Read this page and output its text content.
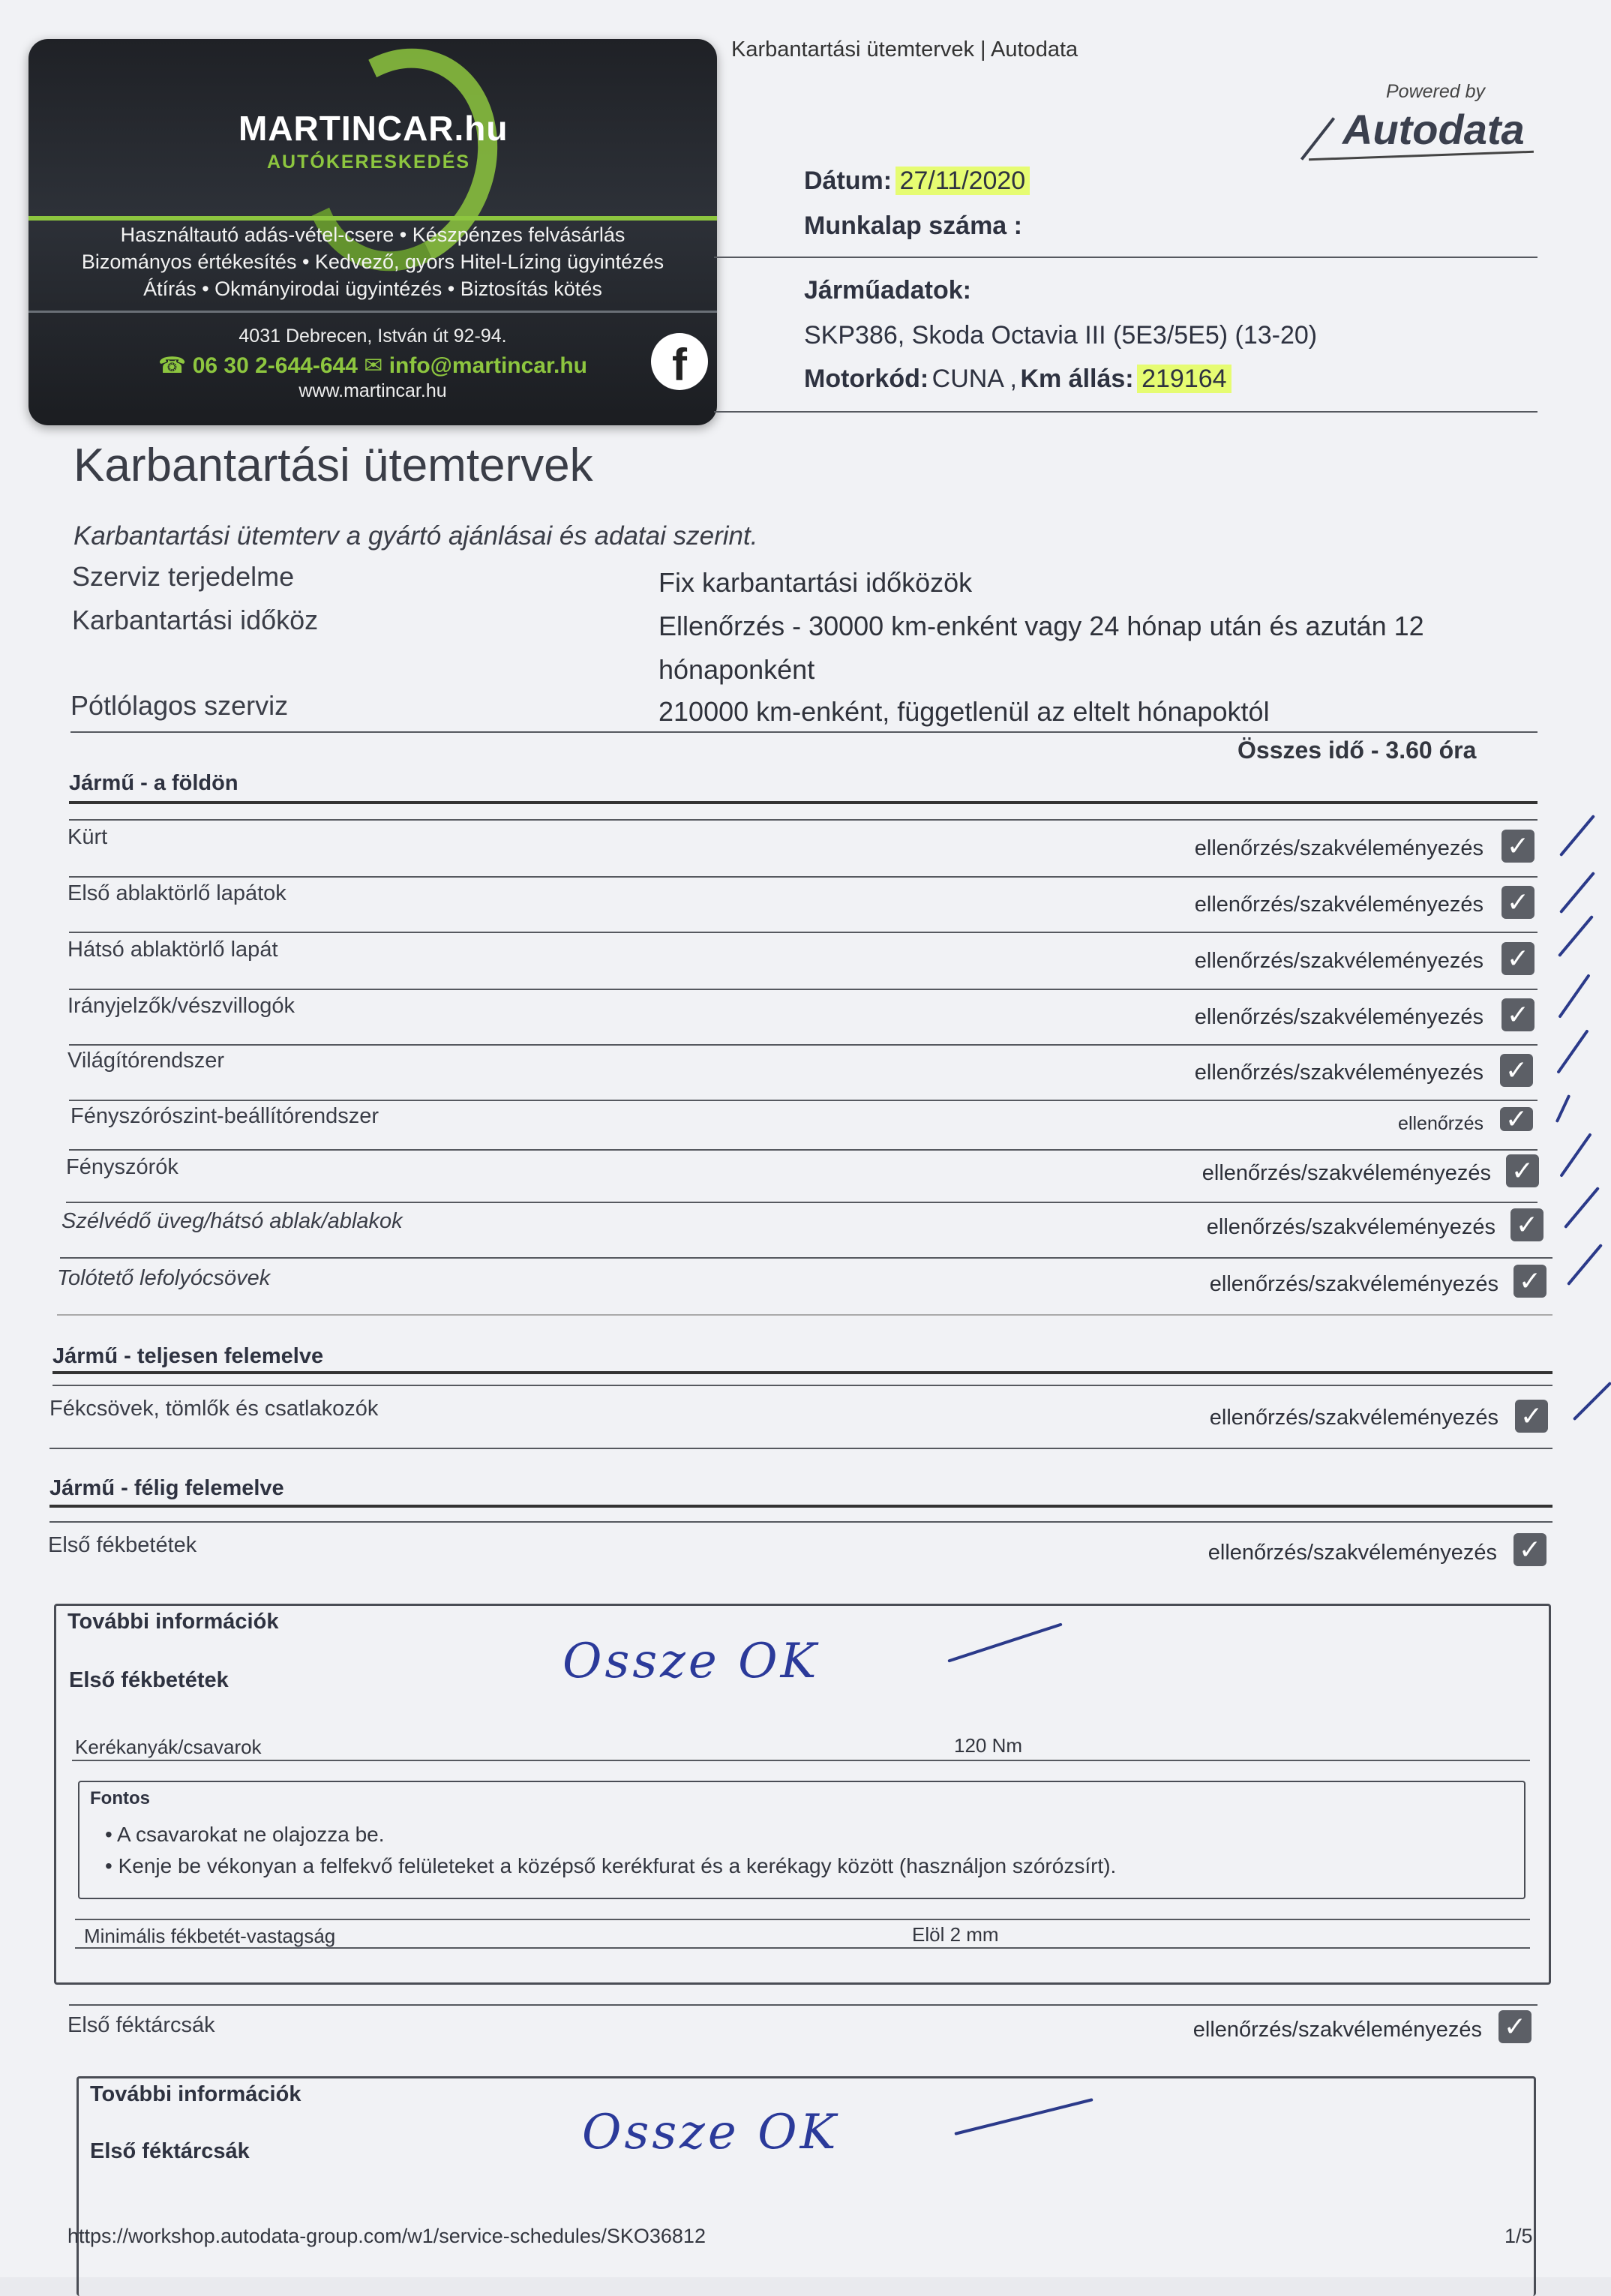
Karbantartási ütemtervek | Autodata
Powered by
Autodata
MARTINCAR.hu
AUTÓKERESKEDÉS
Használtautó adás-vétel-csere • Készpénzes felvásárlás
Bizományos értékesítés • Kedvező, gyors Hitel-Lízing ügyintézés
Átírás • Okmányirodai ügyintézés • Biztosítás kötés
4031 Debrecen, István út 92-94.
☎ 06 30 2-644-644 ✉ info@martincar.hu
www.martincar.hu
f
Dátum: 27/11/2020
Munkalap száma :
Járműadatok:
SKP386, Skoda Octavia III (5E3/5E5) (13-20)
Motorkód: CUNA , Km állás: 219164
Karbantartási ütemtervek
Karbantartási ütemterv a gyártó ajánlásai és adatai szerint.
Szerviz terjedelme	Fix karbantartási időközök
Karbantartási időköz	Ellenőrzés - 30000 km-enként vagy 24 hónap után és azután 12
hónaponként
Pótlólagos szerviz	210000 km-enként, függetlenül az eltelt hónapoktól
Összes idő - 3.60 óra
Jármű - a földön
Kürt	ellenőrzés/szakvéleményezés ✓
Első ablaktörlő lapátok	ellenőrzés/szakvéleményezés ✓
Hátsó ablaktörlő lapát	ellenőrzés/szakvéleményezés ✓
Irányjelzők/vészvillogók	ellenőrzés/szakvéleményezés ✓
Világítórendszer	ellenőrzés/szakvéleményezés ✓
Fényszórószint-beállítórendszer	ellenőrzés ✓
Fényszórók	ellenőrzés/szakvéleményezés ✓
Szélvédő üveg/hátsó ablak/ablakok	ellenőrzés/szakvéleményezés ✓
Tolótető lefolyócsövek	ellenőrzés/szakvéleményezés ✓
Jármű - teljesen felemelve
Fékcsövek, tömlők és csatlakozók	ellenőrzés/szakvéleményezés ✓
Jármű - félig felemelve
Első fékbetétek	ellenőrzés/szakvéleményezés ✓
További információk
Első fékbetétek	Ossze OK
Kerékanyák/csavarok	120 Nm
Fontos
• A csavarokat ne olajozza be.
• Kenje be vékonyan a felfekvő felületeket a középső kerékfurat és a kerékagy között (használjon szórózsírt).
Minimális fékbetét-vastagság	Elöl 2 mm
Első féktárcsák	ellenőrzés/szakvéleményezés ✓
További információk
Első féktárcsák	Ossze OK
https://workshop.autodata-group.com/w1/service-schedules/SKO36812	1/5
